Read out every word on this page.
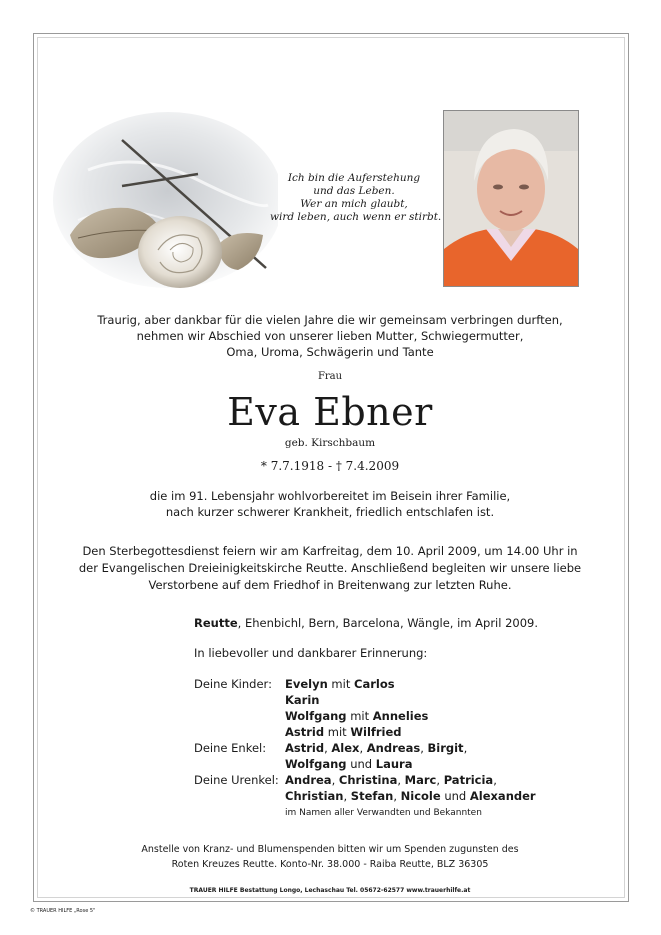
Ich bin die Auferstehung
und das Leben.
Wer an mich glaubt,
wird leben, auch wenn er stirbt.
Traurig, aber dankbar für die vielen Jahre die wir gemeinsam verbringen durften,
nehmen wir Abschied von unserer lieben Mutter, Schwiegermutter,
Oma, Uroma, Schwägerin und Tante
Frau
Eva Ebner
geb. Kirschbaum
* 7.7.1918 - † 7.4.2009
die im 91. Lebensjahr wohlvorbereitet im Beisein ihrer Familie,
nach kurzer schwerer Krankheit, friedlich entschlafen ist.
Den Sterbegottesdienst feiern wir am Karfreitag, dem 10. April 2009, um 14.00 Uhr in
der Evangelischen Dreieinigkeitskirche Reutte. Anschließend begleiten wir unsere liebe
Verstorbene auf dem Friedhof in Breitenwang zur letzten Ruhe.
Reutte, Ehenbichl, Bern, Barcelona, Wängle, im April 2009.
In liebevoller und dankbarer Erinnerung:
Deine Kinder:	Evelyn mit Carlos
Karin
Wolfgang mit Annelies
Astrid mit Wilfried
Deine Enkel:	Astrid, Alex, Andreas, Birgit,
Wolfgang und Laura
Deine Urenkel: Andrea, Christina, Marc, Patricia,
Christian, Stefan, Nicole und Alexander
im Namen aller Verwandten und Bekannten
Anstelle von Kranz- und Blumenspenden bitten wir um Spenden zugunsten des
Roten Kreuzes Reutte. Konto-Nr. 38.000 - Raiba Reutte, BLZ 36305
TRAUER HILFE Bestattung Longo, Lechaschau Tel. 05672-62577 www.trauerhilfe.at
© TRAUER HILFE „Rose 5"
